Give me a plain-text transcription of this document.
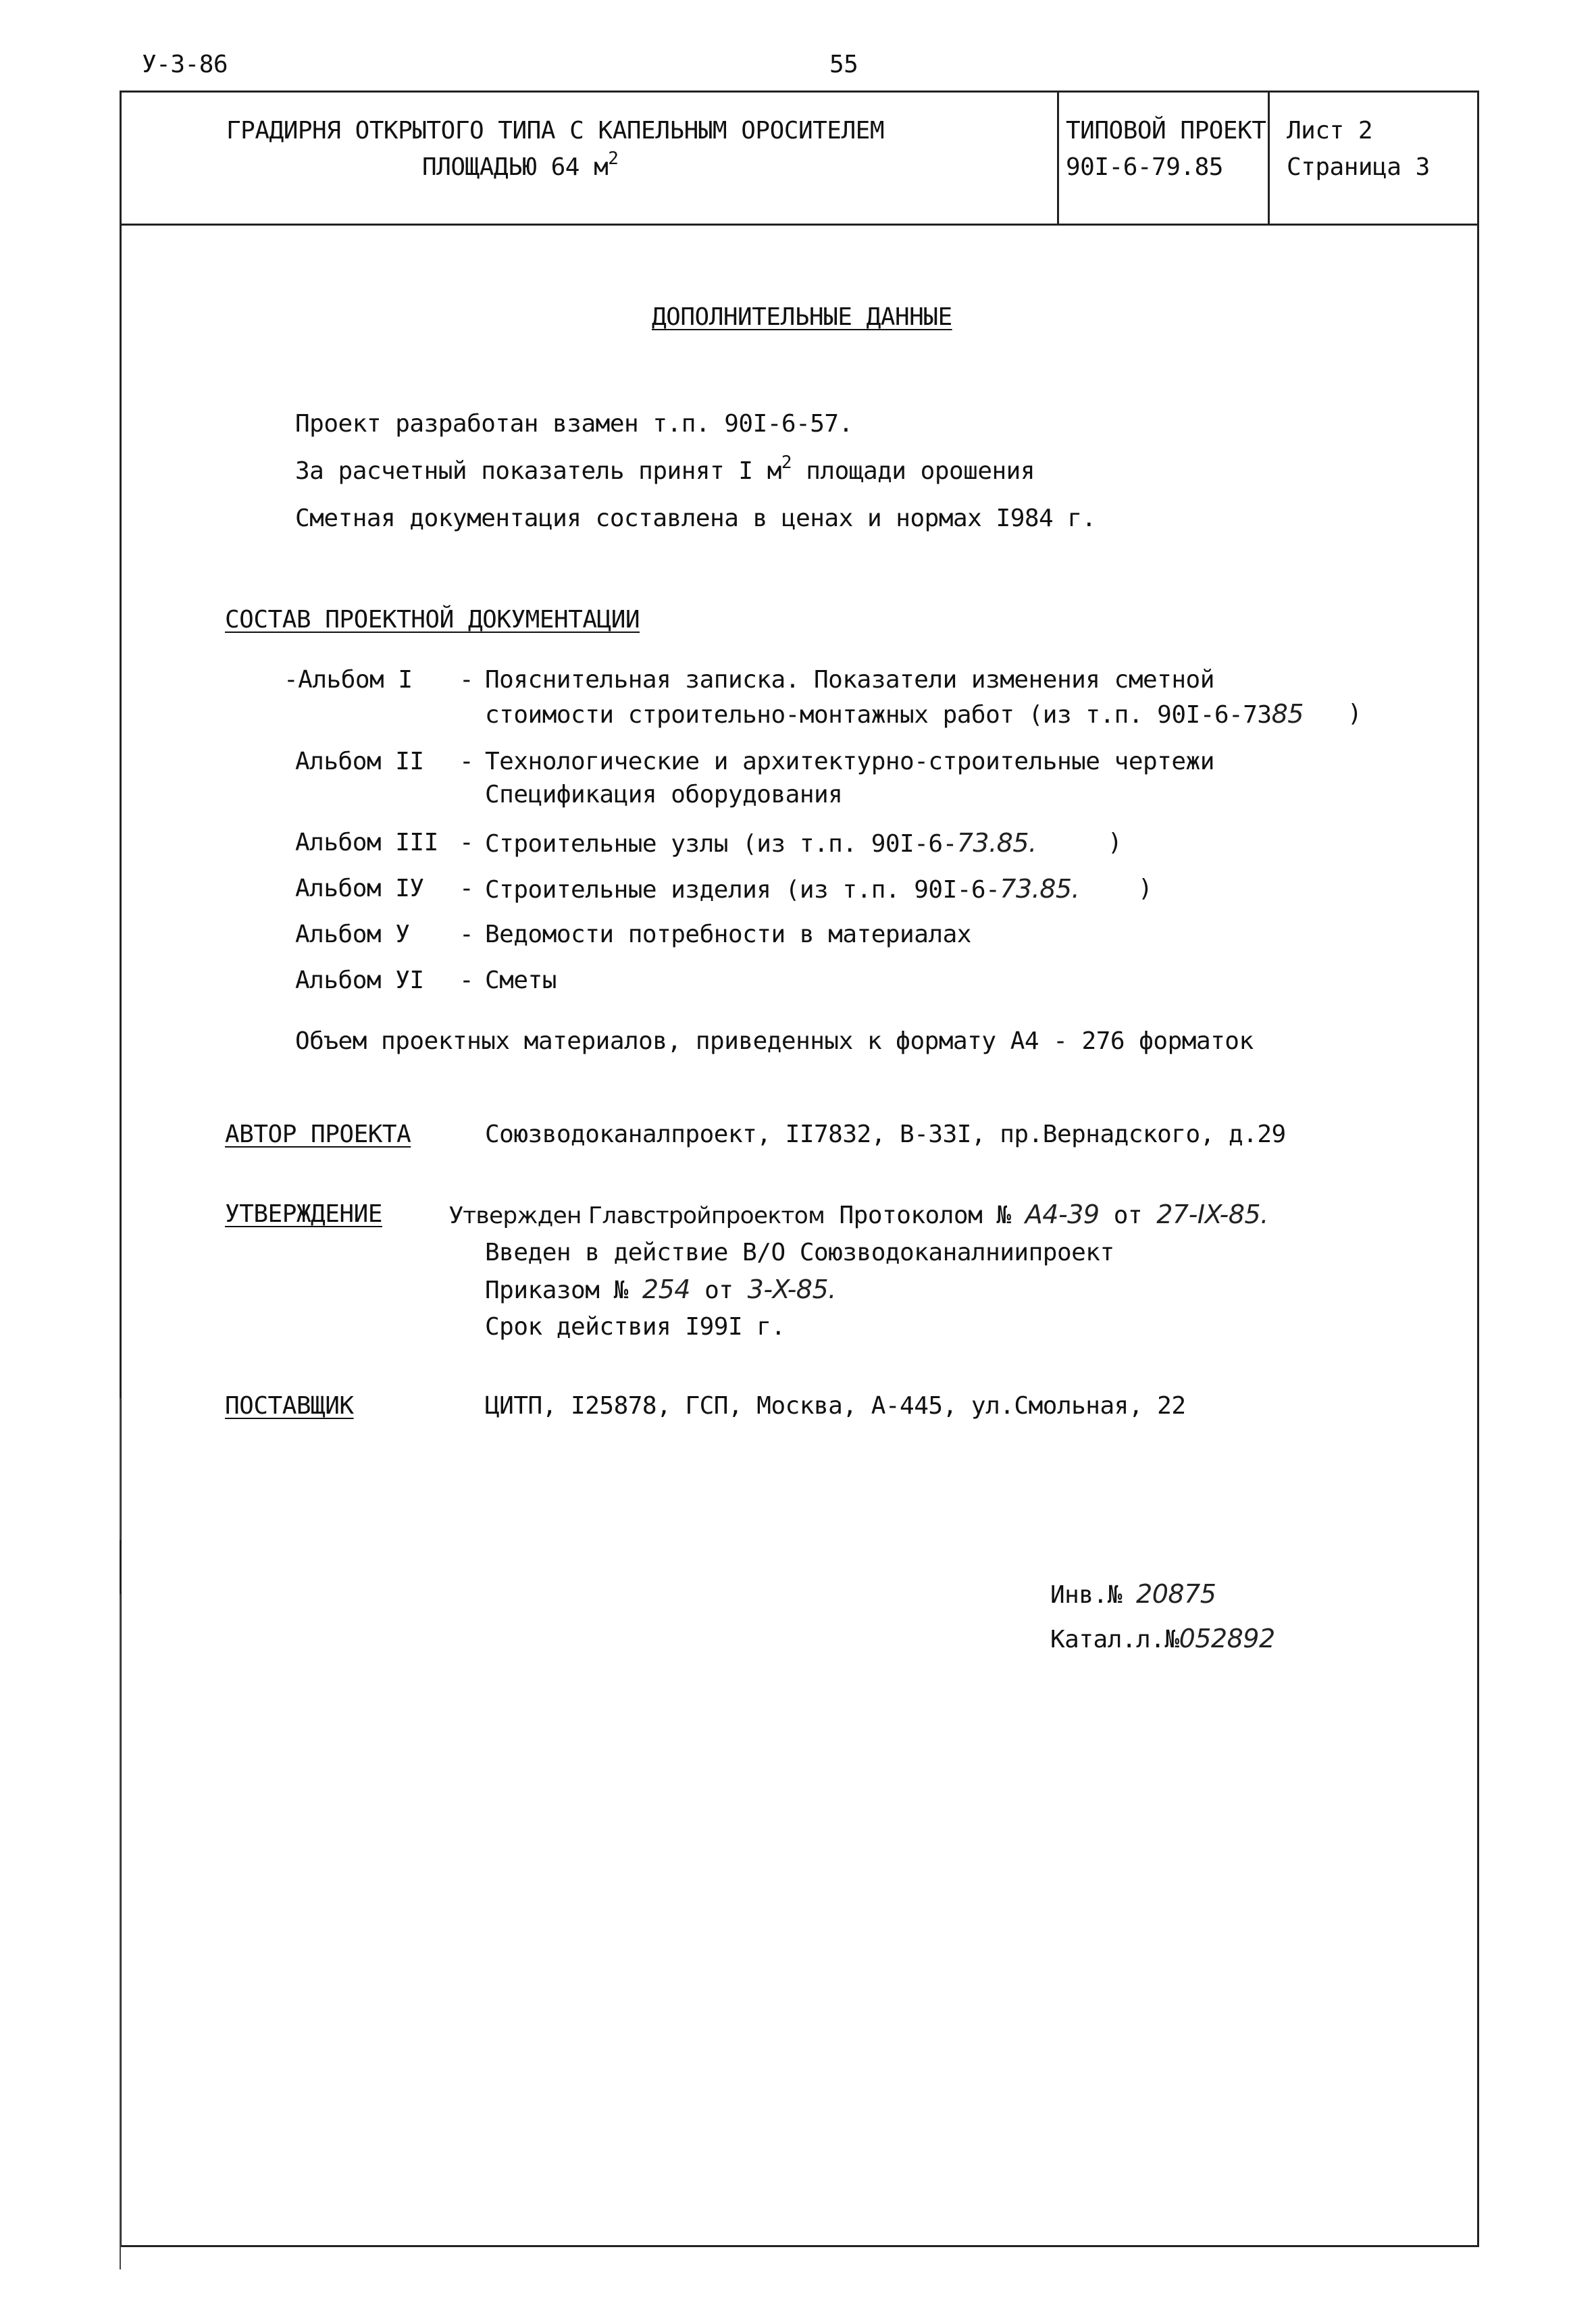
У-3-86	55
ГРАДИРНЯ ОТКРЫТОГО ТИПА С КАПЕЛЬНЫМ ОРОСИТЕЛЕМ
ПЛОЩАДЬЮ 64 $м^2$
ТИПОВОЙ ПРОЕКТ
90I-6-79.85
Лист 2
Страница 3
ДОПОЛНИТЕЛЬНЫЕ ДАННЫЕ
Проект разработан взамен т.п. 90I-6-57.
За расчетный показатель принят I $м^2$ площади орошения
Сметная документация составлена в ценах и нормах I984 г.
СОСТАВ ПРОЕКТНОЙ ДОКУМЕНТАЦИИ
-Альбом I - Пояснительная записка. Показатели изменения сметной
стоимости строительно-монтажных работ (из т.п. 90I-6-7385 )
Альбом II - Технологические и архитектурно-строительные чертежи
Спецификация оборудования
Альбом III - Строительные узлы (из т.п. 90I-6-73.85.	)
Альбом IУ - Строительные изделия (из т.п. 90I-6-73.85. )
Альбом У - Ведомости потребности в материалах
Альбом УI - Сметы
Объем проектных материалов, приведенных к формату А4 - 276 форматок
АВТОР ПРОЕКТА	Союзводоканалпроект, II7832, В-33I, пр.Вернадского, д.29
УТВЕРЖДЕНИЕ	Утвержден Главстройпроектом Протоколом № А4-39 от 27-IX-85.
Введен в действие В/О Союзводоканалниипроект
Приказом № 254 от 3-X-85.
Срок действия I99I г.
ПОСТАВЩИК	ЦИТП, I25878, ГСП, Москва, А-445, ул.Смольная, 22
Инв.№ 20875
Катал.л.№052892
